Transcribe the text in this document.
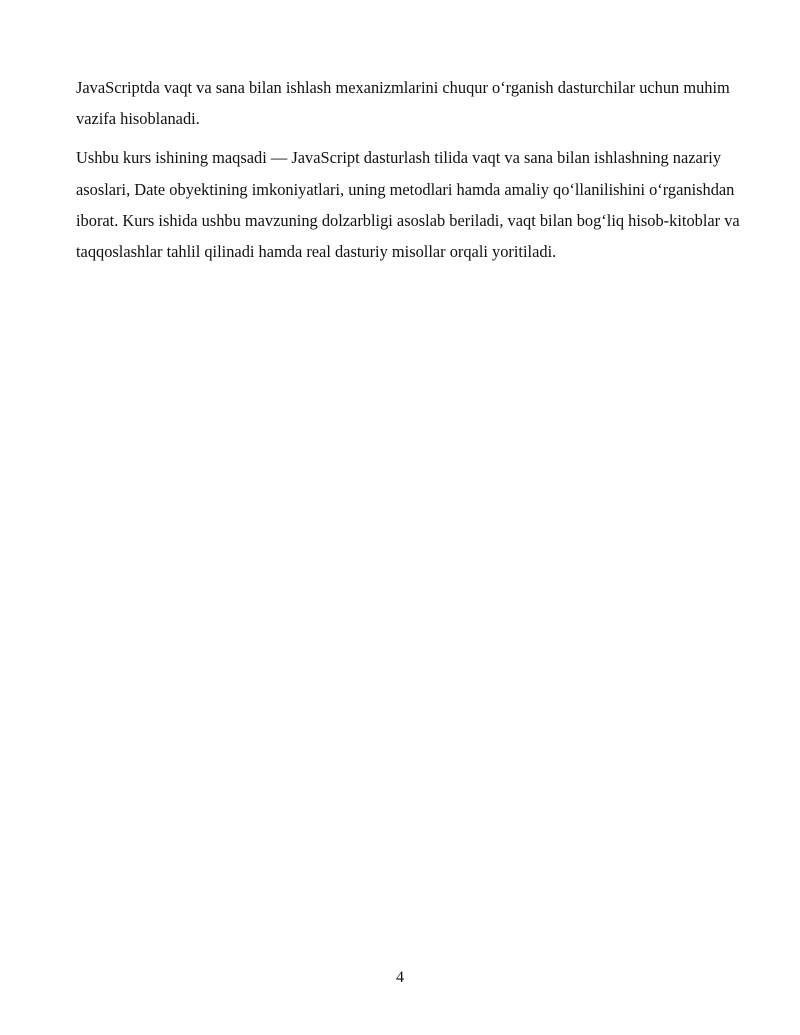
JavaScriptda vaqt va sana bilan ishlash mexanizmlarini chuqur o‘rganish dasturchilar uchun muhim vazifa hisoblanadi.

Ushbu kurs ishining maqsadi — JavaScript dasturlash tilida vaqt va sana bilan ishlashning nazariy asoslari, Date obyektining imkoniyatlari, uning metodlari hamda amaliy qo‘llanilishini o‘rganishdan iborat. Kurs ishida ushbu mavzuning dolzarbligi asoslab beriladi, vaqt bilan bog‘liq hisob-kitoblar va taqqoslashlar tahlil qilinadi hamda real dasturiy misollar orqali yoritiladi.

4
